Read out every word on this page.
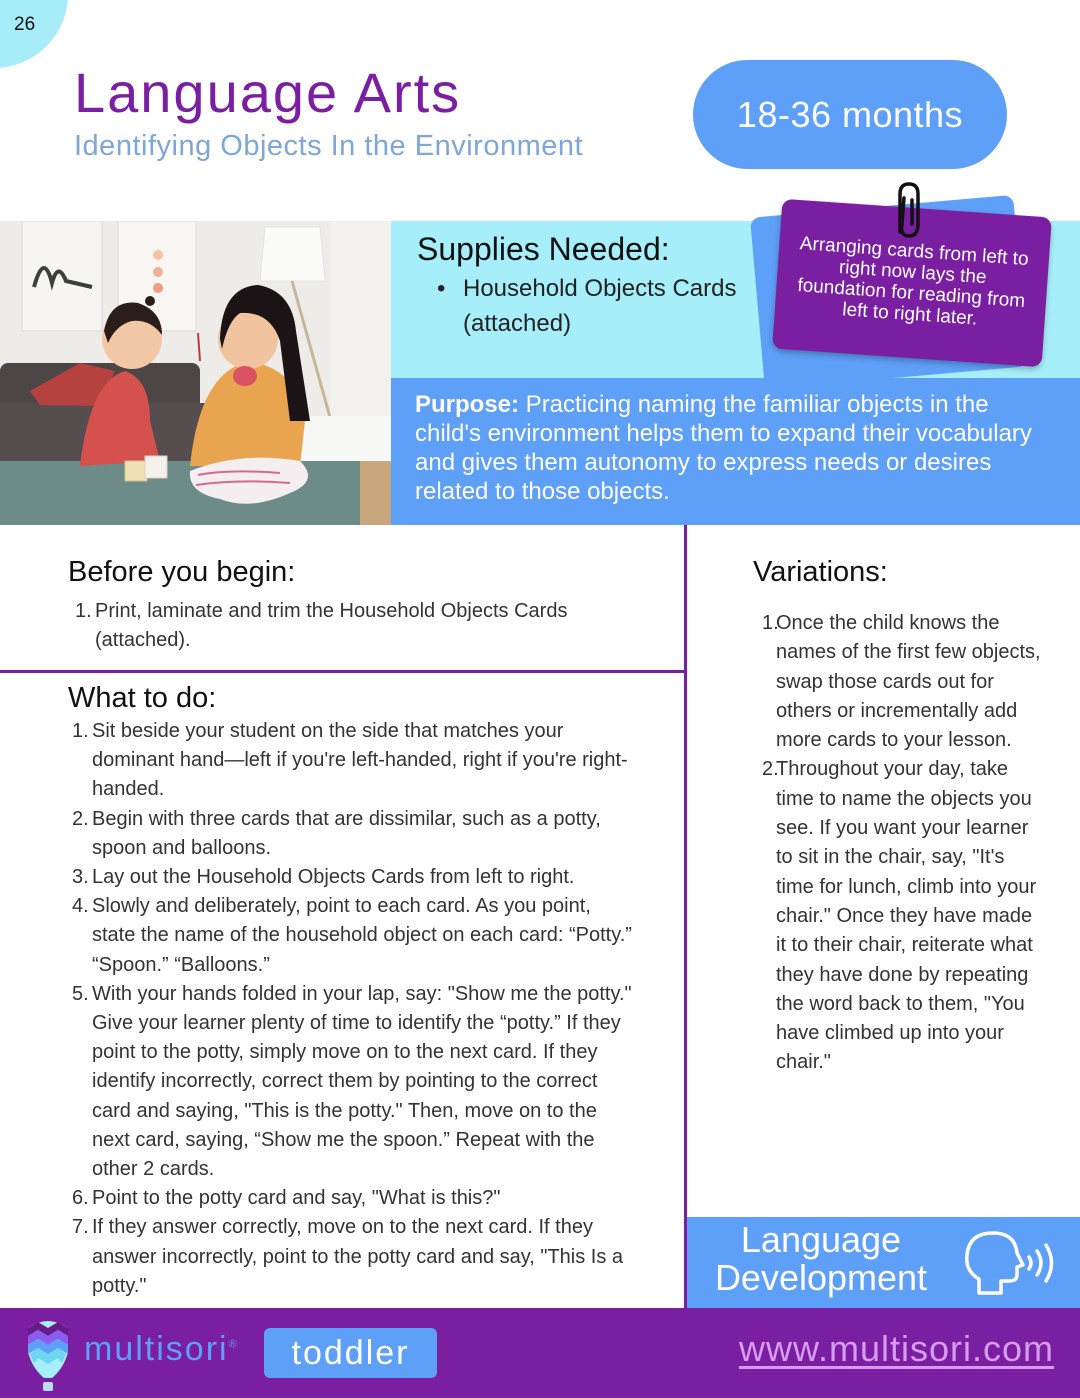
26
Language Arts
Identifying Objects In the Environment
18-36 months
Supplies Needed:
• Household Objects Cards (attached)
Arranging cards from left to right now lays the foundation for reading from left to right later.
Purpose: Practicing naming the familiar objects in the child's environment helps them to expand their vocabulary and gives them autonomy to express needs or desires related to those objects.
Before you begin:
1. Print, laminate and trim the Household Objects Cards (attached).
What to do:
1. Sit beside your student on the side that matches your dominant hand—left if you're left-handed, right if you're right-handed.
2. Begin with three cards that are dissimilar, such as a potty, spoon and balloons.
3. Lay out the Household Objects Cards from left to right.
4. Slowly and deliberately, point to each card. As you point, state the name of the household object on each card: “Potty.” “Spoon.” “Balloons.”
5. With your hands folded in your lap, say: "Show me the potty." Give your learner plenty of time to identify the “potty.” If they point to the potty, simply move on to the next card. If they identify incorrectly, correct them by pointing to the correct card and saying, "This is the potty." Then, move on to the next card, saying, “Show me the spoon.” Repeat with the other 2 cards.
6. Point to the potty card and say, "What is this?"
7. If they answer correctly, move on to the next card. If they answer incorrectly, point to the potty card and say, "This Is a potty."
Variations:
1.
Once the child knows the names of the first few objects, swap those cards out for others or incrementally add more cards to your lesson.
2.
Throughout your day, take time to name the objects you see. If you want your learner to sit in the chair, say, "It's time for lunch, climb into your chair." Once they have made it to their chair, reiterate what they have done by repeating the word back to them, "You have climbed up into your chair."
Language
Development
multisori®	toddler	www.multisori.com
